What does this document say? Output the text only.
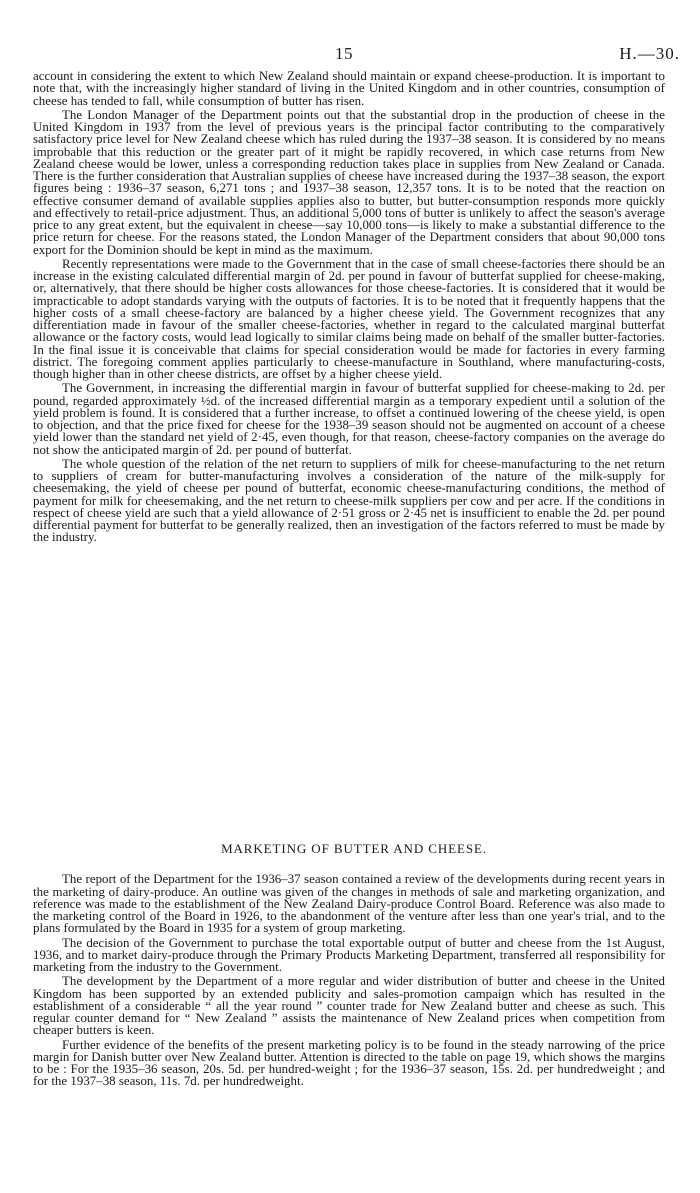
15	H.—30.

account in considering the extent to which New Zealand should maintain or expand cheese-production. It is important to note that, with the increasingly higher standard of living in the United Kingdom and in other countries, consumption of cheese has tended to fall, while consumption of butter has risen.

The London Manager of the Department points out that the substantial drop in the production of cheese in the United Kingdom in 1937 from the level of previous years is the principal factor contributing to the comparatively satisfactory price level for New Zealand cheese which has ruled during the 1937–38 season. It is considered by no means improbable that this reduction or the greater part of it might be rapidly recovered, in which case returns from New Zealand cheese would be lower, unless a corresponding reduction takes place in supplies from New Zealand or Canada. There is the further consideration that Australian supplies of cheese have increased during the 1937–38 season, the export figures being : 1936–37 season, 6,271 tons ; and 1937–38 season, 12,357 tons. It is to be noted that the reaction on effective consumer demand of available supplies applies also to butter, but butter-consumption responds more quickly and effectively to retail-price adjustment. Thus, an additional 5,000 tons of butter is unlikely to affect the season's average price to any great extent, but the equivalent in cheese—say 10,000 tons—is likely to make a substantial difference to the price return for cheese. For the reasons stated, the London Manager of the Department considers that about 90,000 tons export for the Dominion should be kept in mind as the maximum.

Recently representations were made to the Government that in the case of small cheese-factories there should be an increase in the existing calculated differential margin of 2d. per pound in favour of butterfat supplied for cheese-making, or, alternatively, that there should be higher costs allowances for those cheese-factories. It is considered that it would be impracticable to adopt standards varying with the outputs of factories. It is to be noted that it frequently happens that the higher costs of a small cheese-factory are balanced by a higher cheese yield. The Government recognizes that any differentiation made in favour of the smaller cheese-factories, whether in regard to the calculated marginal butterfat allowance or the factory costs, would lead logically to similar claims being made on behalf of the smaller butter-factories. In the final issue it is conceivable that claims for special consideration would be made for factories in every farming district. The foregoing comment applies particularly to cheese-manufacture in Southland, where manufacturing-costs, though higher than in other cheese districts, are offset by a higher cheese yield.

The Government, in increasing the differential margin in favour of butterfat supplied for cheese-making to 2d. per pound, regarded approximately ½d. of the increased differential margin as a temporary expedient until a solution of the yield problem is found. It is considered that a further increase, to offset a continued lowering of the cheese yield, is open to objection, and that the price fixed for cheese for the 1938–39 season should not be augmented on account of a cheese yield lower than the standard net yield of 2·45, even though, for that reason, cheese-factory companies on the average do not show the anticipated margin of 2d. per pound of butterfat.

The whole question of the relation of the net return to suppliers of milk for cheese-manufacturing to the net return to suppliers of cream for butter-manufacturing involves a consideration of the nature of the milk-supply for cheesemaking, the yield of cheese per pound of butterfat, economic cheese-manufacturing conditions, the method of payment for milk for cheesemaking, and the net return to cheese-milk suppliers per cow and per acre. If the conditions in respect of cheese yield are such that a yield allowance of 2·51 gross or 2·45 net is insufficient to enable the 2d. per pound differential payment for butterfat to be generally realized, then an investigation of the factors referred to must be made by the industry.

MARKETING OF BUTTER AND CHEESE.

The report of the Department for the 1936–37 season contained a review of the developments during recent years in the marketing of dairy-produce. An outline was given of the changes in methods of sale and marketing organization, and reference was made to the establishment of the New Zealand Dairy-produce Control Board. Reference was also made to the marketing control of the Board in 1926, to the abandonment of the venture after less than one year's trial, and to the plans formulated by the Board in 1935 for a system of group marketing.

The decision of the Government to purchase the total exportable output of butter and cheese from the 1st August, 1936, and to market dairy-produce through the Primary Products Marketing Department, transferred all responsibility for marketing from the industry to the Government.

The development by the Department of a more regular and wider distribution of butter and cheese in the United Kingdom has been supported by an extended publicity and sales-promotion campaign which has resulted in the establishment of a considerable “ all the year round ” counter trade for New Zealand butter and cheese as such. This regular counter demand for “ New Zealand ” assists the maintenance of New Zealand prices when competition from cheaper butters is keen.

Further evidence of the benefits of the present marketing policy is to be found in the steady narrowing of the price margin for Danish butter over New Zealand butter. Attention is directed to the table on page 19, which shows the margins to be : For the 1935–36 season, 20s. 5d. per hundred-weight ; for the 1936–37 season, 15s. 2d. per hundredweight ; and for the 1937–38 season, 11s. 7d. per hundredweight.
